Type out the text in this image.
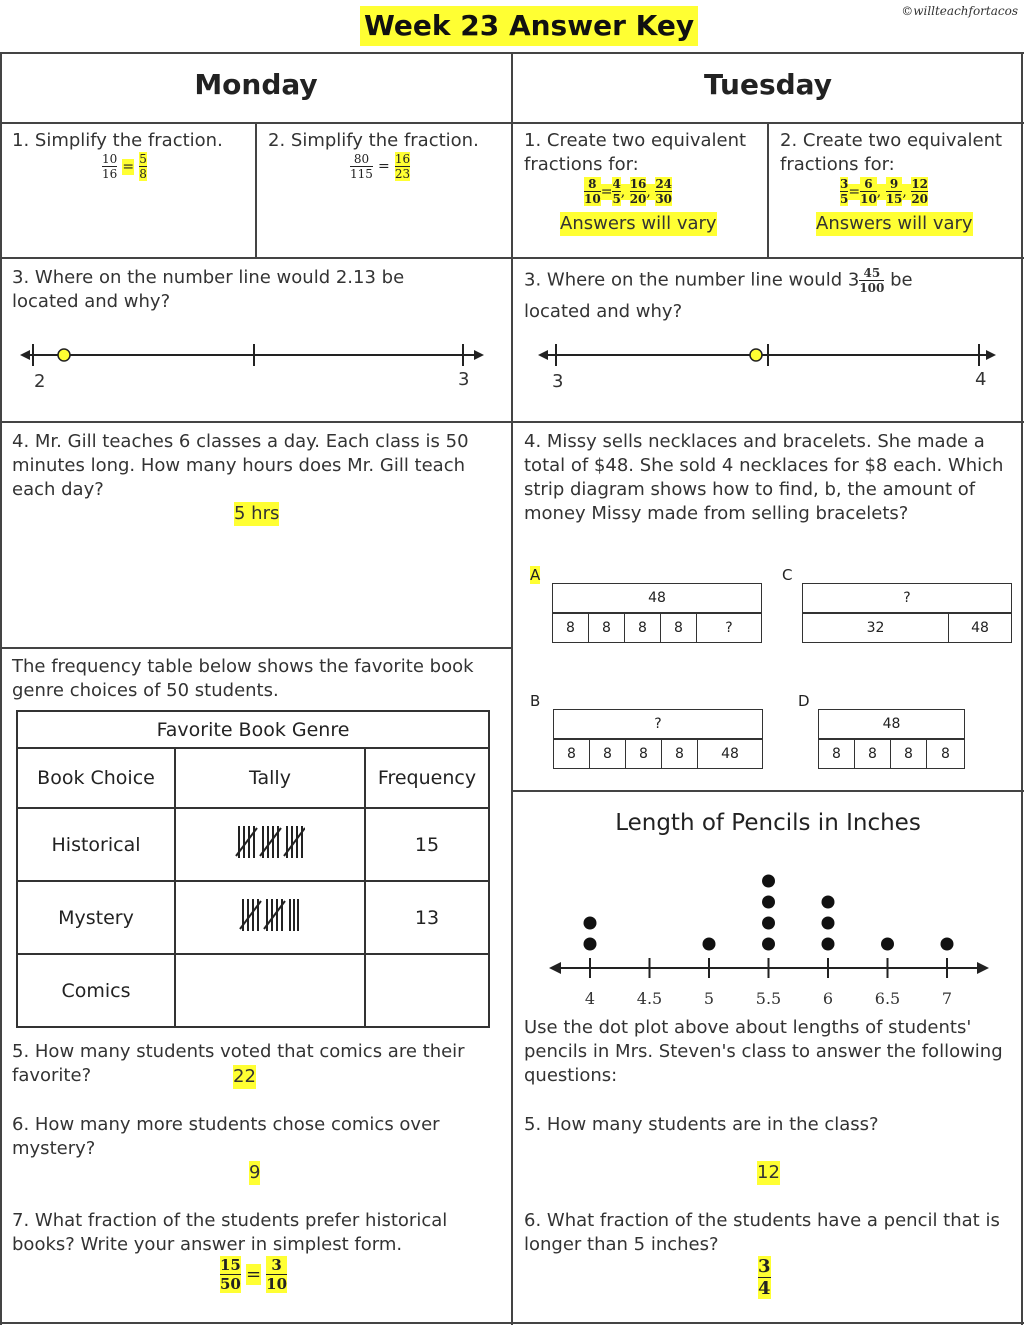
Week 23 Answer Key	©willteachfortacos
Monday	Tuesday
1. Simplify the fraction.
$\frac{10}{16} = \frac{5}{8}$
2. Simplify the fraction.
$\frac{80}{115} = \frac{16}{23}$
1. Create two equivalent fractions for:
$\frac{8}{10} = \frac{4}{5}$ , $\frac{16}{20}$ , $\frac{24}{30}$
Answers will vary
2. Create two equivalent fractions for:
$\frac{3}{5} = \frac{6}{10}$ , $\frac{9}{15}$ , $\frac{12}{20}$
Answers will vary
3. Where on the number line would 2.13 be located and why?
2	3
3. Where on the number line would $3 \frac{45}{100}$ be
located and why?
3	4
4. Mr. Gill teaches 6 classes a day. Each class is 50 minutes long. How many hours does Mr. Gill teach each day?
5 hrs
4. Missy sells necklaces and bracelets. She made a total of $48. She sold 4 necklaces for $8 each. Which strip diagram shows how to find, b, the amount of money Missy made from selling bracelets?
A	C
B	D
48
8	8	8	8	?
?
32	48
?
8	8	8	8	48
48
8	8	8	8
The frequency table below shows the favorite book genre choices of 50 students.
Favorite Book Genre		
Book Choice	Tally	Frequency
Historical		15
Mystery		13
Comics		
5. How many students voted that comics are their favorite?	22
6. How many more students chose comics over mystery?
9
7. What fraction of the students prefer historical books? Write your answer in simplest form.
$\frac{15}{50} = \frac{3}{10}$
Length of Pencils in Inches
4	4.5	5	5.5	6	6.5	7
Use the dot plot above about lengths of students' pencils in Mrs. Steven's class to answer the following questions:
5. How many students are in the class?
12
6. What fraction of the students have a pencil that is longer than 5 inches?
$\frac{3}{4}$
